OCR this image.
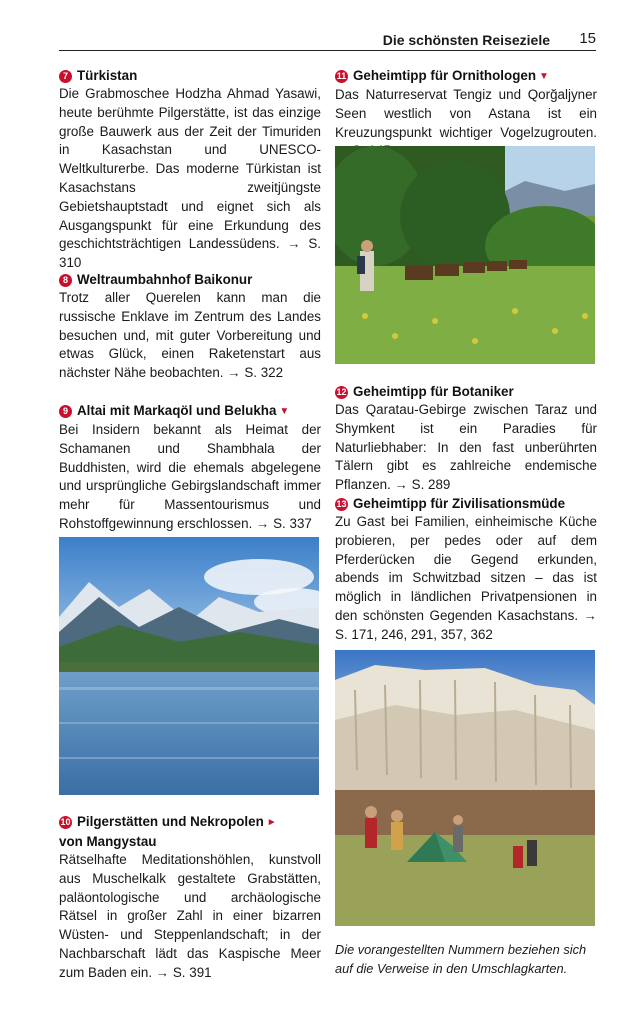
Die schönsten Reiseziele 15
7 Türkistan

Die Grabmoschee Hodzha Ahmad Yasawi, heute berühmte Pilgerstätte, ist das einzige große Bauwerk aus der Zeit der Timuriden in Kasachstan und UNESCO-Weltkulturerbe. Das moderne Türkistan ist Kasachstans zweitjüngste Gebietshauptstadt und eignet sich als Ausgangspunkt für eine Erkundung des geschichtsträchtigen Landessüdens. → S. 310

8 Weltraumbahnhof Baikonur

Trotz aller Querelen kann man die russische Enklave im Zentrum des Landes besuchen und, mit guter Vorbereitung und etwas Glück, einen Raketenstart aus nächster Nähe beobachten. → S. 322

9 Altai mit Markaqöl und Belukha ▼

Bei Insidern bekannt als Heimat der Schamanen und Shambhala der Buddhisten, wird die ehemals abgelegene und ursprüngliche Gebirgslandschaft immer mehr für Massentourismus und Rohstoffgewinnung erschlossen. → S. 337

10 Pilgerstätten und Nekropolen ►
von Mangystau

Rätselhafte Meditationshöhlen, kunstvoll aus Muschelkalk gestaltete Grabstätten, paläontologische und archäologische Rätsel in großer Zahl in einer bizarren Wüsten- und Steppenlandschaft; in der Nachbarschaft lädt das Kaspische Meer zum Baden ein. → S. 391

11 Geheimtipp für Ornithologen ▼

Das Naturreservat Tengiz und Qorğaljyner Seen westlich von Astana ist ein Kreuzungspunkt wichtiger Vogelzugrouten.

12 Geheimtipp für Botaniker

Das Qaratau-Gebirge zwischen Taraz und Shymkent ist ein Paradies für Naturliebhaber: In den fast unberührten Tälern gibt es zahlreiche endemische Pflanzen. → S. 289

13 Geheimtipp für Zivilisationsmüde

Zu Gast bei Familien, einheimische Küche probieren, per pedes oder auf dem Pferderücken die Gegend erkunden, abends im Schwitzbad sitzen – das ist möglich in ländlichen Privatpensionen in den schönsten Gegenden Kasachstans. → S. 171, 246, 291, 357, 362

Die vorangestellten Nummern beziehen sich auf die Verweise in den Umschlagkarten.
